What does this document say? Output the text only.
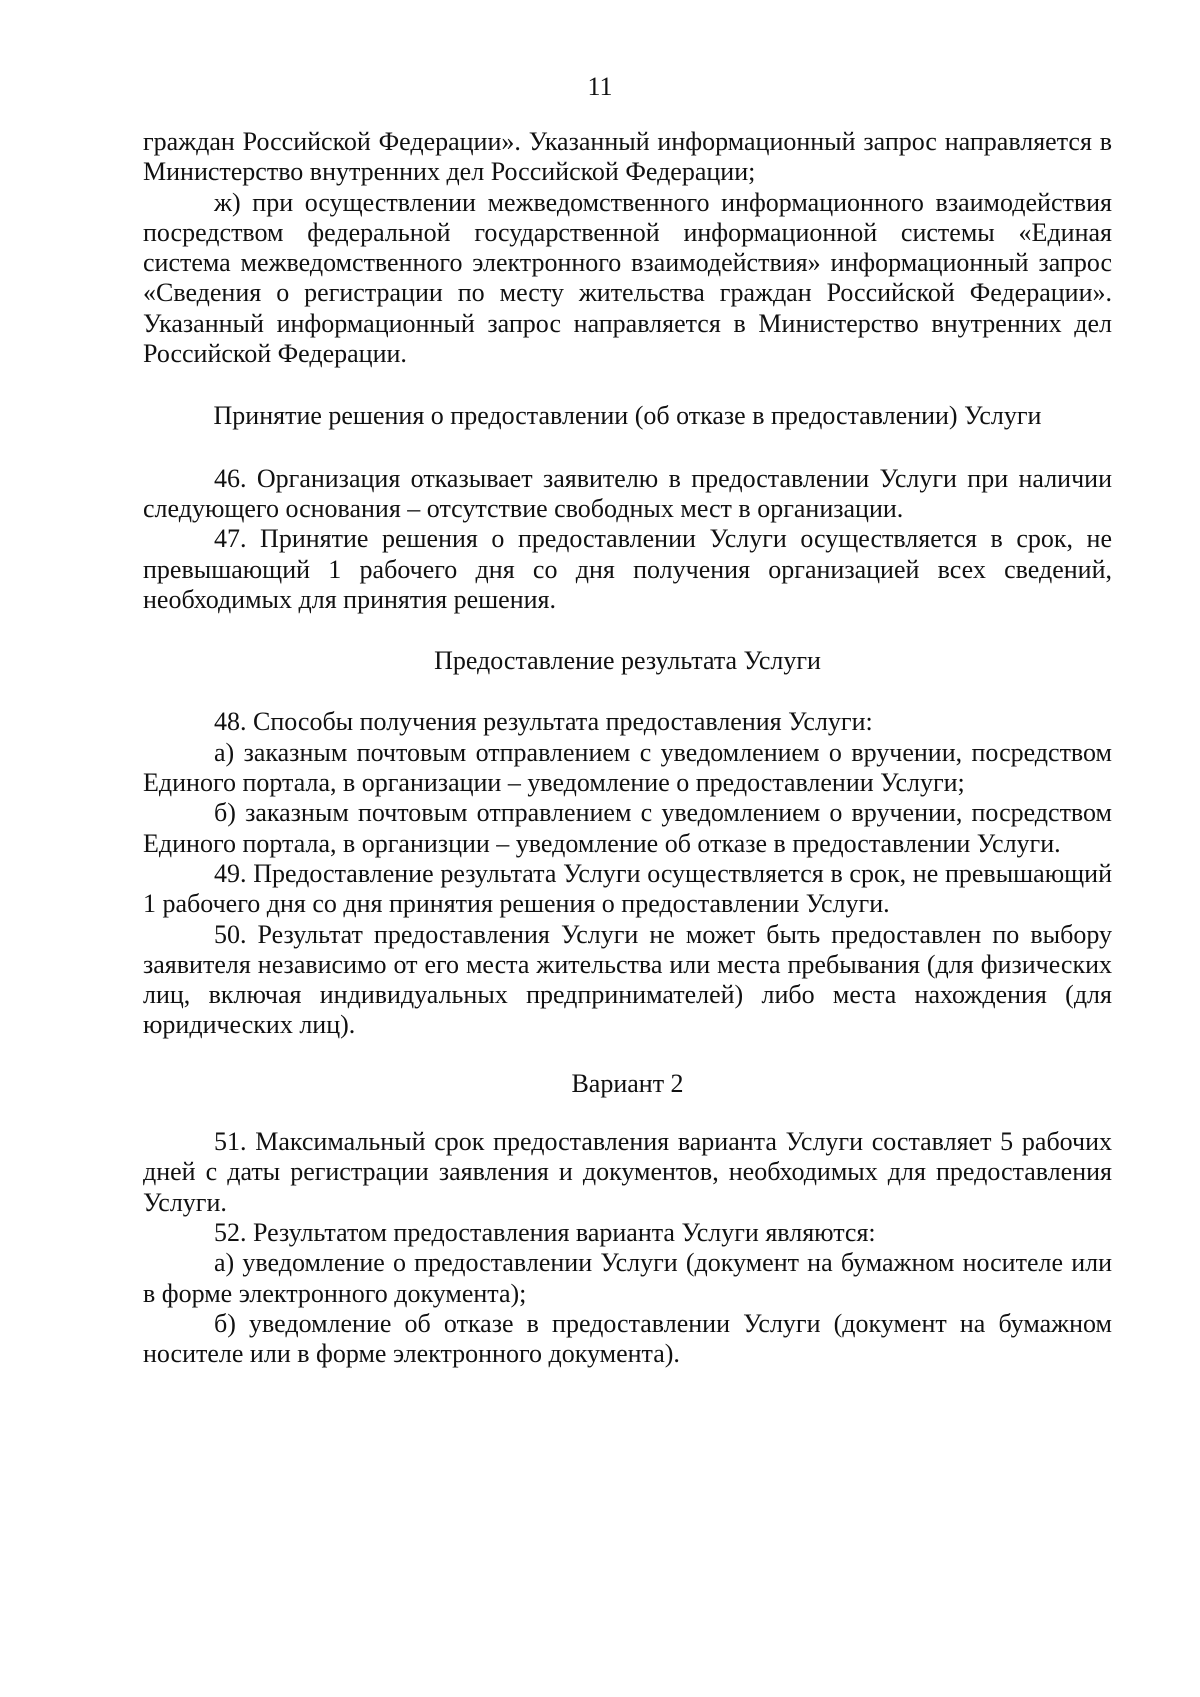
11

граждан Российской Федерации». Указанный информационный запрос направляется в Министерство внутренних дел Российской Федерации;

ж) при осуществлении межведомственного информационного взаимодействия посредством федеральной государственной информационной системы «Единая система межведомственного электронного взаимодействия» информационный запрос «Сведения о регистрации по месту жительства граждан Российской Федерации». Указанный информационный запрос направляется в Министерство внутренних дел Российской Федерации.

Принятие решения о предоставлении (об отказе в предоставлении) Услуги

46. Организация отказывает заявителю в предоставлении Услуги при наличии следующего основания – отсутствие свободных мест в организации.

47. Принятие решения о предоставлении Услуги осуществляется в срок, не превышающий 1 рабочего дня со дня получения организацией всех сведений, необходимых для принятия решения.

Предоставление результата Услуги

48. Способы получения результата предоставления Услуги:

а) заказным почтовым отправлением с уведомлением о вручении, посредством Единого портала, в организации – уведомление о предоставлении Услуги;

б) заказным почтовым отправлением с уведомлением о вручении, посредством Единого портала, в организции – уведомление об отказе в предоставлении Услуги.

49. Предоставление результата Услуги осуществляется в срок, не превышающий 1 рабочего дня со дня принятия решения о предоставлении Услуги.

50. Результат предоставления Услуги не может быть предоставлен по выбору заявителя независимо от его места жительства или места пребывания (для физических лиц, включая индивидуальных предпринимателей) либо места нахождения (для юридических лиц).

Вариант 2

51. Максимальный срок предоставления варианта Услуги составляет 5 рабочих дней с даты регистрации заявления и документов, необходимых для предоставления Услуги.

52. Результатом предоставления варианта Услуги являются:

а) уведомление о предоставлении Услуги (документ на бумажном носителе или в форме электронного документа);

б) уведомление об отказе в предоставлении Услуги (документ на бумажном носителе или в форме электронного документа).
